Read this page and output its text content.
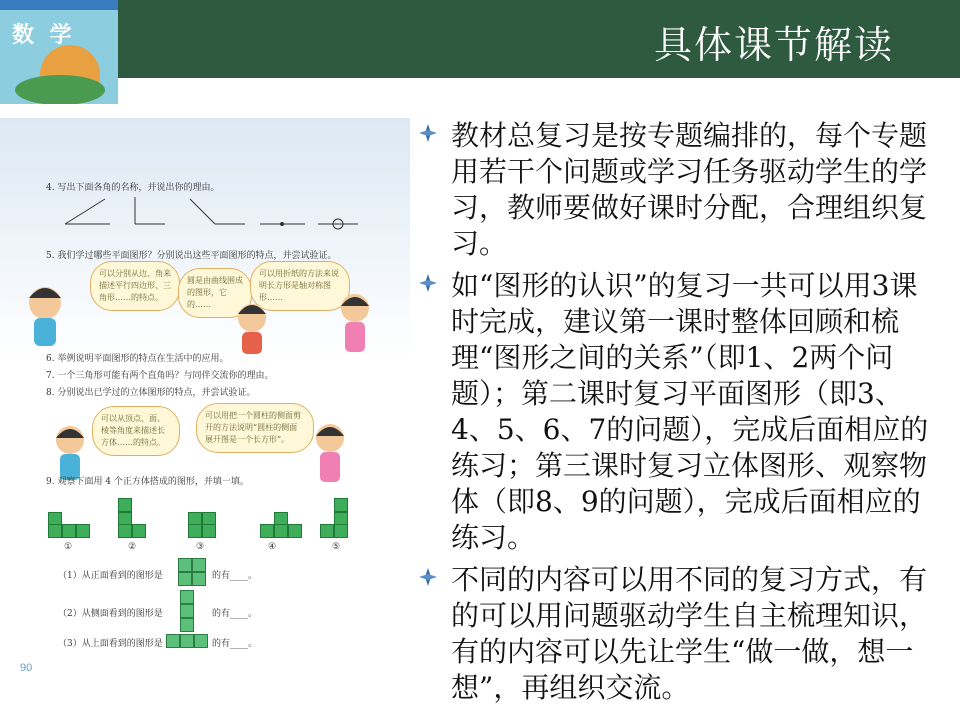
数 学	具体课节解读
4. 写出下面各角的名称，并说出你的理由。
5. 我们学过哪些平面图形？分别说出这些平面图形的特点，并尝试验证。
可以分别从边、角来描述平行四边形、三角形……的特点。
圆是由曲线围成的图形，它的……
可以用折纸的方法来说明长方形是轴对称图形……
6. 举例说明平面图形的特点在生活中的应用。
7. 一个三角形可能有两个直角吗？与同伴交流你的理由。
8. 分别说出已学过的立体图形的特点，并尝试验证。
可以从顶点、面、棱等角度来描述长方体……的特点。
可以用把一个圆柱的侧面剪开的方法说明“圆柱的侧面展开图是一个长方形”。
9. 观察下面用 4 个正方体搭成的图形，并填一填。
①	②	③	④	⑤
（1）从正面看到的图形是	的有____。
（2）从侧面看到的图形是	的有____。
（3）从上面看到的图形是	的有____。
90
教材总复习是按专题编排的，每个专题用若干个问题或学习任务驱动学生的学习，教师要做好课时分配，合理组织复习。
如“图形的认识”的复习一共可以用3课时完成，建议第一课时整体回顾和梳理“图形之间的关系”（即1、2两个问题）；第二课时复习平面图形（即3、4、5、6、7的问题），完成后面相应的练习；第三课时复习立体图形、观察物体（即8、9的问题），完成后面相应的练习。
不同的内容可以用不同的复习方式，有的可以用问题驱动学生自主梳理知识，有的内容可以先让学生“做一做，想一想”，再组织交流。
